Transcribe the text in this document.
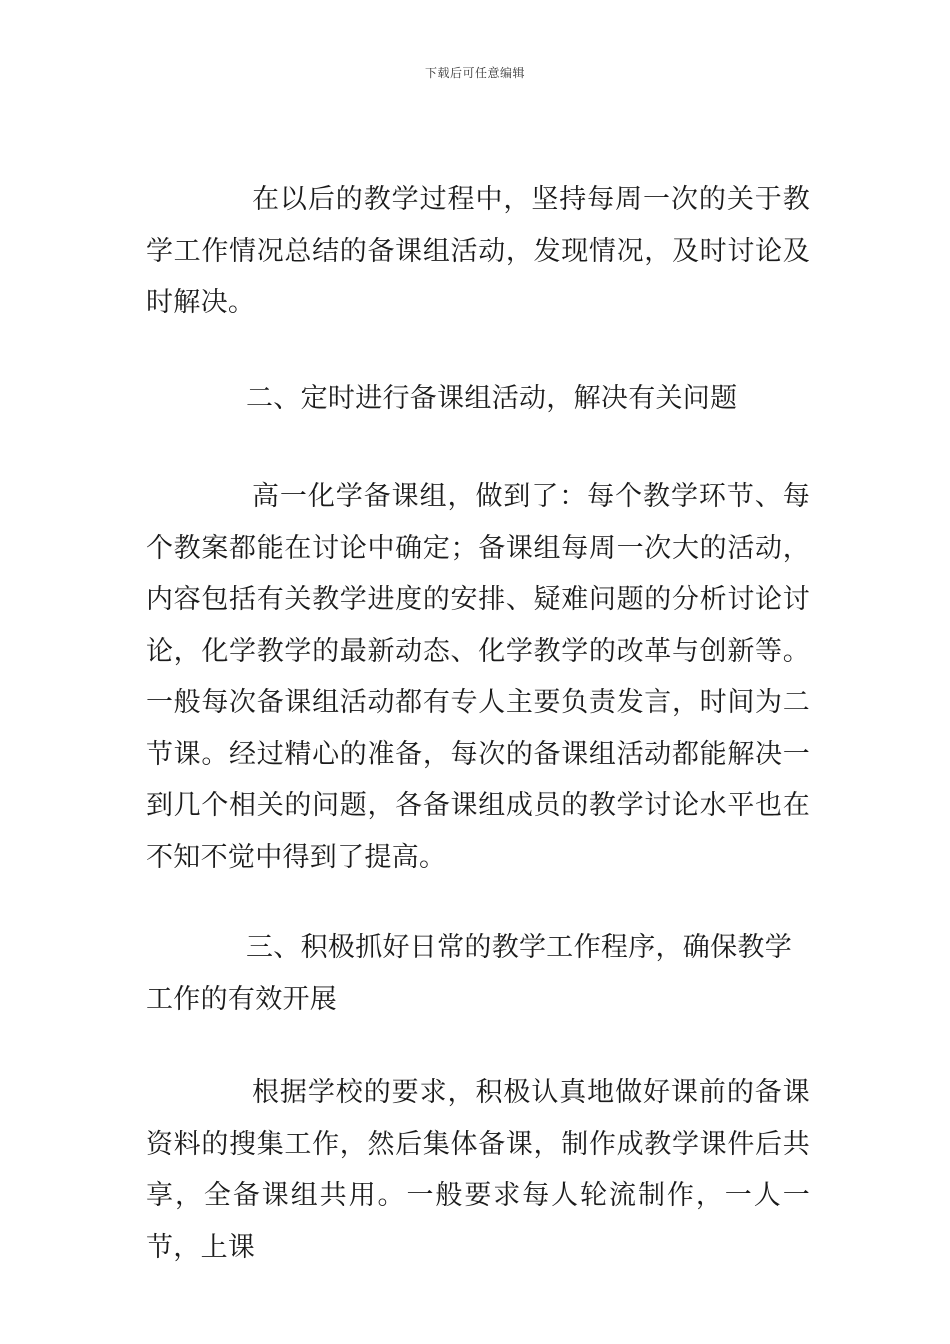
下载后可任意编辑

在以后的教学过程中，坚持每周一次的关于教学工作情况总结的备课组活动，发现情况，及时讨论及时解决。

二、定时进行备课组活动，解决有关问题

高一化学备课组，做到了：每个教学环节、每个教案都能在讨论中确定；备课组每周一次大的活动，内容包括有关教学进度的安排、疑难问题的分析讨论讨论，化学教学的最新动态、化学教学的改革与创新等。一般每次备课组活动都有专人主要负责发言，时间为二节课。经过精心的准备，每次的备课组活动都能解决一到几个相关的问题，各备课组成员的教学讨论水平也在不知不觉中得到了提高。

三、积极抓好日常的教学工作程序，确保教学工作的有效开展

根据学校的要求，积极认真地做好课前的备课资料的搜集工作，然后集体备课，制作成教学课件后共享，全备课组共用。一般要求每人轮流制作，一人一节，上课
